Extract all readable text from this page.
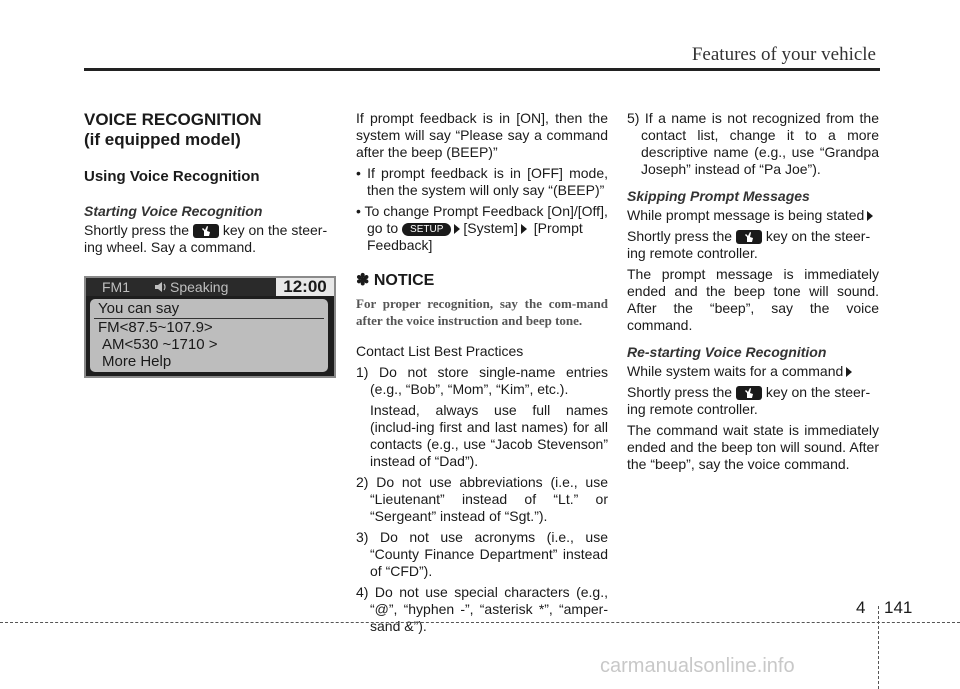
Features of your vehicle
VOICE RECOGNITION
(if equipped model)
Using Voice Recognition
Starting Voice Recognition

Shortly press the key on the steer-ing wheel. Say a command.

FM1	Speaking	12:00
You can say
FM<87.5~107.9>
AM<530 ~1710 >
More Help

If prompt feedback is in [ON], then the system will say “Please say a command after the beep (BEEP)”

• If prompt feedback is in [OFF] mode, then the system will only say “(BEEP)”

• To change Prompt Feedback [On]/[Off], go to SETUP [System] [Prompt Feedback]

✽ NOTICE

For proper recognition, say the com-mand after the voice instruction and beep tone.

Contact List Best Practices

1) Do not store single-name entries (e.g., “Bob”, “Mom”, “Kim”, etc.).

Instead, always use full names (includ-ing first and last names) for all contacts (e.g., use “Jacob Stevenson” instead of “Dad”).

2) Do not use abbreviations (i.e., use “Lieutenant” instead of “Lt.” or “Sergeant” instead of “Sgt.”).

3) Do not use acronyms (i.e., use “County Finance Department” instead of “CFD”).

4) Do not use special characters (e.g., “@”, “hyphen -”, “asterisk *”, “amper-sand &”).

5) If a name is not recognized from the contact list, change it to a more descriptive name (e.g., use “Grandpa Joseph” instead of “Pa Joe”).

Skipping Prompt Messages

While prompt message is being stated

Shortly press the key on the steer-ing remote controller.

The prompt message is immediately ended and the beep tone will sound. After the “beep”, say the voice command.

Re-starting Voice Recognition

While system waits for a command

Shortly press the key on the steer-ing remote controller.

The command wait state is immediately ended and the beep ton will sound. After the “beep”, say the voice command.

4 141
carmanualsonline.info
